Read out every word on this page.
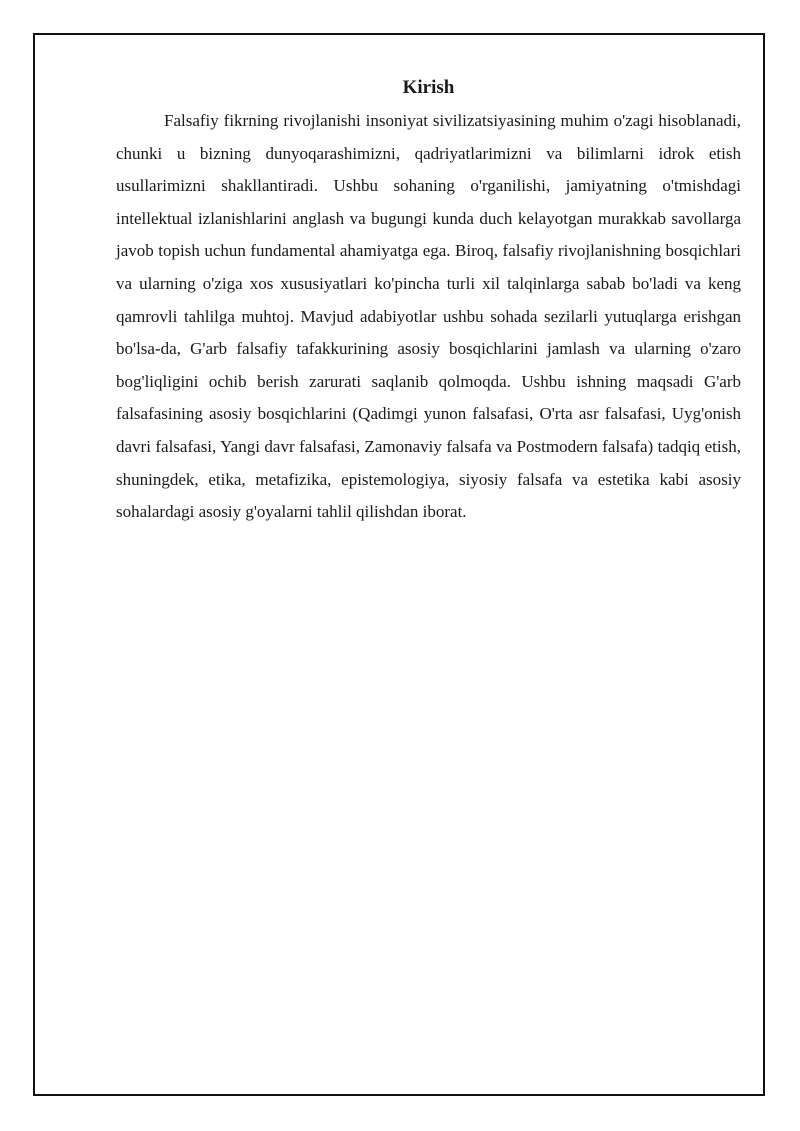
Kirish

Falsafiy fikrning rivojlanishi insoniyat sivilizatsiyasining muhim o'zagi hisoblanadi, chunki u bizning dunyoqarashimizni, qadriyatlarimizni va bilimlarni idrok etish usullarimizni shakllantiradi. Ushbu sohaning o'rganilishi, jamiyatning o'tmishdagi intellektual izlanishlarini anglash va bugungi kunda duch kelayotgan murakkab savollarga javob topish uchun fundamental ahamiyatga ega. Biroq, falsafiy rivojlanishning bosqichlari va ularning o'ziga xos xususiyatlari ko'pincha turli xil talqinlarga sabab bo'ladi va keng qamrovli tahlilga muhtoj. Mavjud adabiyotlar ushbu sohada sezilarli yutuqlarga erishgan bo'lsa-da, G'arb falsafiy tafakkurining asosiy bosqichlarini jamlash va ularning o'zaro bog'liqligini ochib berish zarurati saqlanib qolmoqda. Ushbu ishning maqsadi G'arb falsafasining asosiy bosqichlarini (Qadimgi yunon falsafasi, O'rta asr falsafasi, Uyg'onish davri falsafasi, Yangi davr falsafasi, Zamonaviy falsafa va Postmodern falsafa) tadqiq etish, shuningdek, etika, metafizika, epistemologiya, siyosiy falsafa va estetika kabi asosiy sohalardagi asosiy g'oyalarni tahlil qilishdan iborat.
